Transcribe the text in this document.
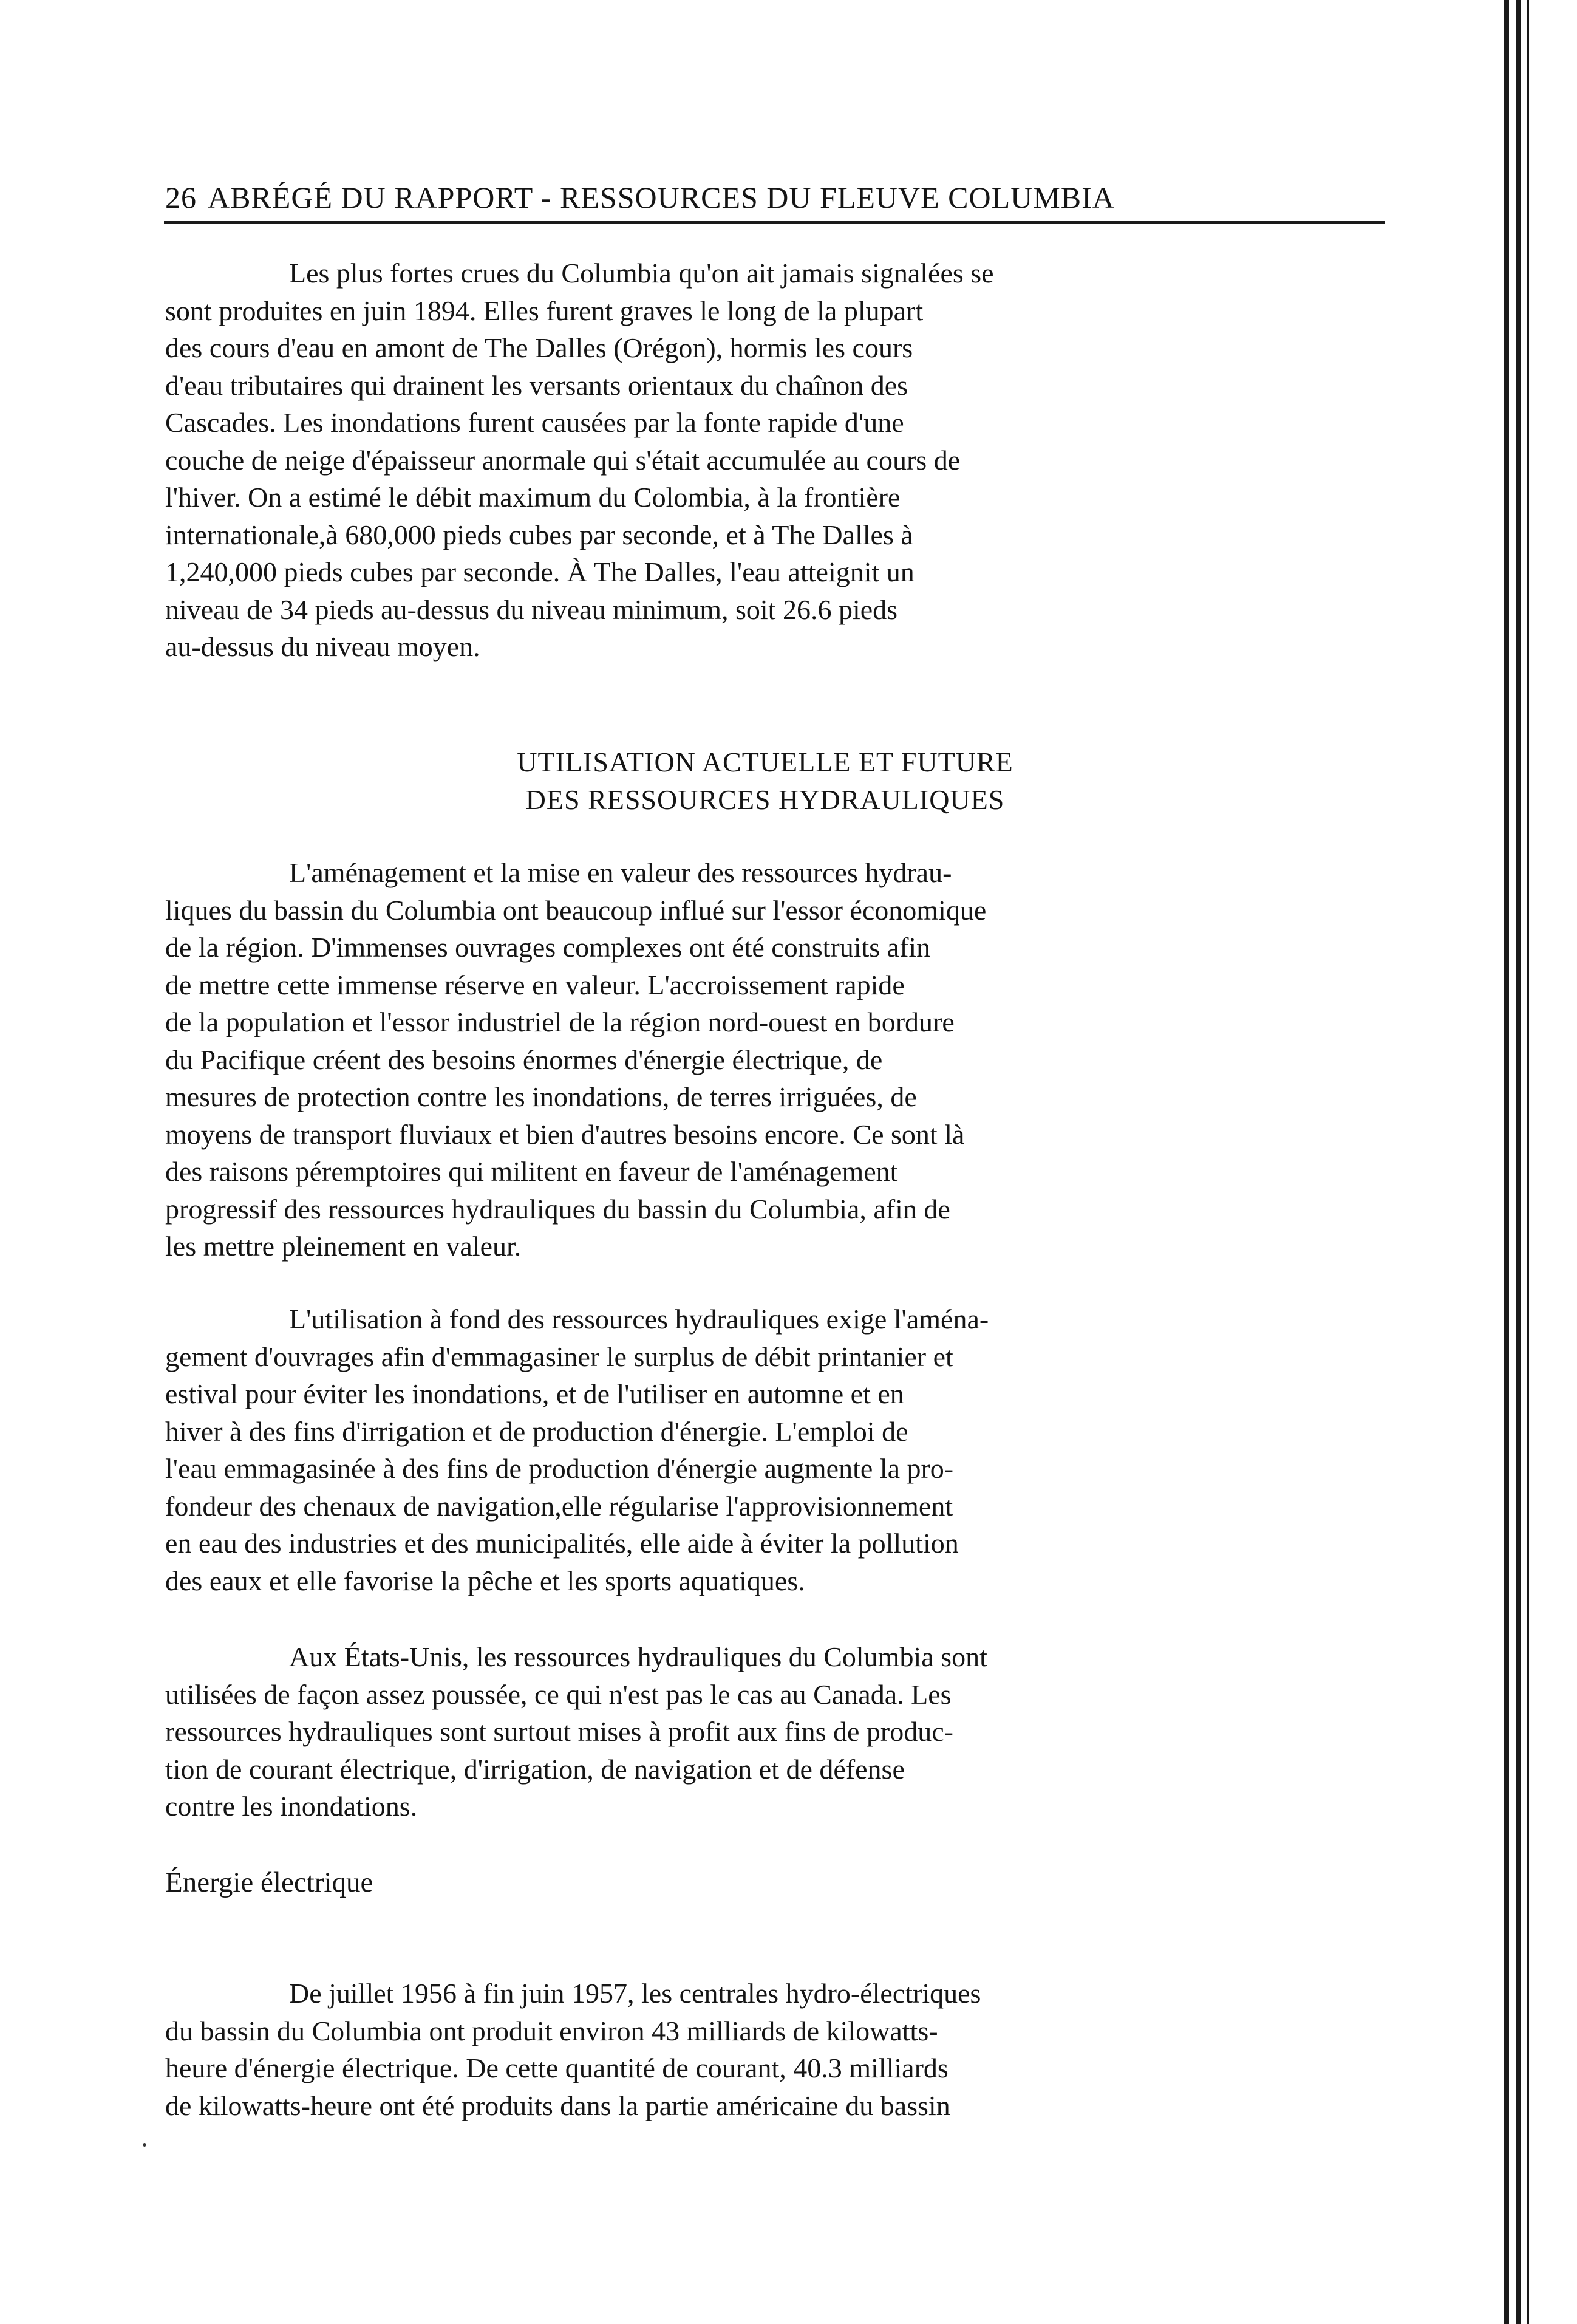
26 ABRÉGÉ DU RAPPORT - RESSOURCES DU FLEUVE COLUMBIA

Les plus fortes crues du Columbia qu'on ait jamais signalées se

sont produites en juin 1894. Elles furent graves le long de la plupart

des cours d'eau en amont de The Dalles (Orégon), hormis les cours

d'eau tributaires qui drainent les versants orientaux du chaînon des

Cascades. Les inondations furent causées par la fonte rapide d'une

couche de neige d'épaisseur anormale qui s'était accumulée au cours de

l'hiver. On a estimé le débit maximum du Colombia, à la frontière

internationale,à 680,000 pieds cubes par seconde, et à The Dalles à

1,240,000 pieds cubes par seconde. À The Dalles, l'eau atteignit un

niveau de 34 pieds au-dessus du niveau minimum, soit 26.6 pieds

au-dessus du niveau moyen.

UTILISATION ACTUELLE ET FUTURE
DES RESSOURCES HYDRAULIQUES

L'aménagement et la mise en valeur des ressources hydrau-

liques du bassin du Columbia ont beaucoup influé sur l'essor économique

de la région. D'immenses ouvrages complexes ont été construits afin

de mettre cette immense réserve en valeur. L'accroissement rapide

de la population et l'essor industriel de la région nord-ouest en bordure

du Pacifique créent des besoins énormes d'énergie électrique, de

mesures de protection contre les inondations, de terres irriguées, de

moyens de transport fluviaux et bien d'autres besoins encore. Ce sont là

des raisons péremptoires qui militent en faveur de l'aménagement

progressif des ressources hydrauliques du bassin du Columbia, afin de

les mettre pleinement en valeur.

L'utilisation à fond des ressources hydrauliques exige l'aména-

gement d'ouvrages afin d'emmagasiner le surplus de débit printanier et

estival pour éviter les inondations, et de l'utiliser en automne et en

hiver à des fins d'irrigation et de production d'énergie. L'emploi de

l'eau emmagasinée à des fins de production d'énergie augmente la pro-

fondeur des chenaux de navigation,elle régularise l'approvisionnement

en eau des industries et des municipalités, elle aide à éviter la pollution

des eaux et elle favorise la pêche et les sports aquatiques.

Aux États-Unis, les ressources hydrauliques du Columbia sont

utilisées de façon assez poussée, ce qui n'est pas le cas au Canada. Les

ressources hydrauliques sont surtout mises à profit aux fins de produc-

tion de courant électrique, d'irrigation, de navigation et de défense

contre les inondations.

Énergie électrique

De juillet 1956 à fin juin 1957, les centrales hydro-électriques

du bassin du Columbia ont produit environ 43 milliards de kilowatts-

heure d'énergie électrique. De cette quantité de courant, 40.3 milliards

de kilowatts-heure ont été produits dans la partie américaine du bassin
